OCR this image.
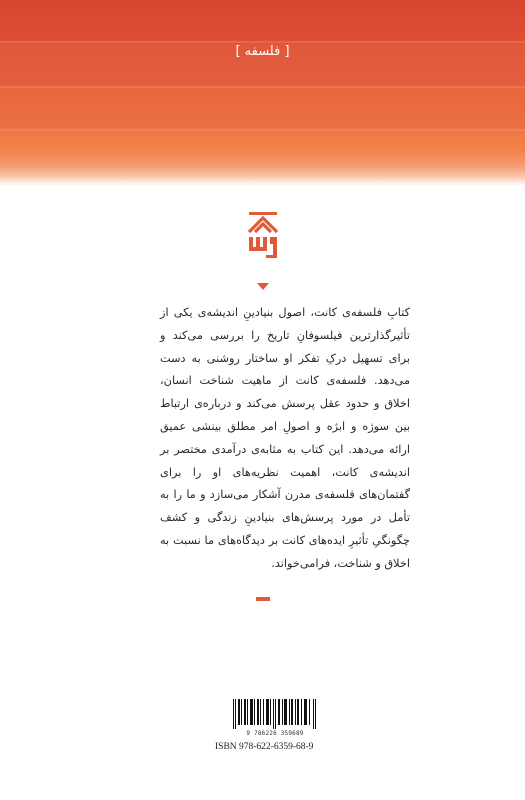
[ فلسفه ]

کتابِ فلسفه‌ی کانت، اصول بنیادینِ اندیشه‌ی یکی از تأثیرگذارترین فیلسوفانِ تاریخ را بررسی می‌کند و برای تسهیل درکِ تفکر او ساختار روشنی به دست می‌دهد. فلسفه‌ی کانت از ماهیت شناخت انسان، اخلاق و حدود عقل پرسش می‌کند و درباره‌ی ارتباط بین سوژه و ابژه و اصولِ امر مطلق بینشی عمیق ارائه می‌دهد. این کتاب به مثابه‌ی درآمدی مختصر بر اندیشه‌ی کانت، اهمیت نظریه‌های او را برای گفتمان‌های فلسفه‌ی مدرن آشکار می‌سازد و ما را به تأمل در مورد پرسش‌های بنیادینِ زندگی و کشف چگونگیِ تأثیرِ ایده‌های کانت بر دیدگاه‌های ما نسبت به اخلاق و شناخت، فرامی‌خواند.

9 786226 359689
ISBN 978-622-6359-68-9
